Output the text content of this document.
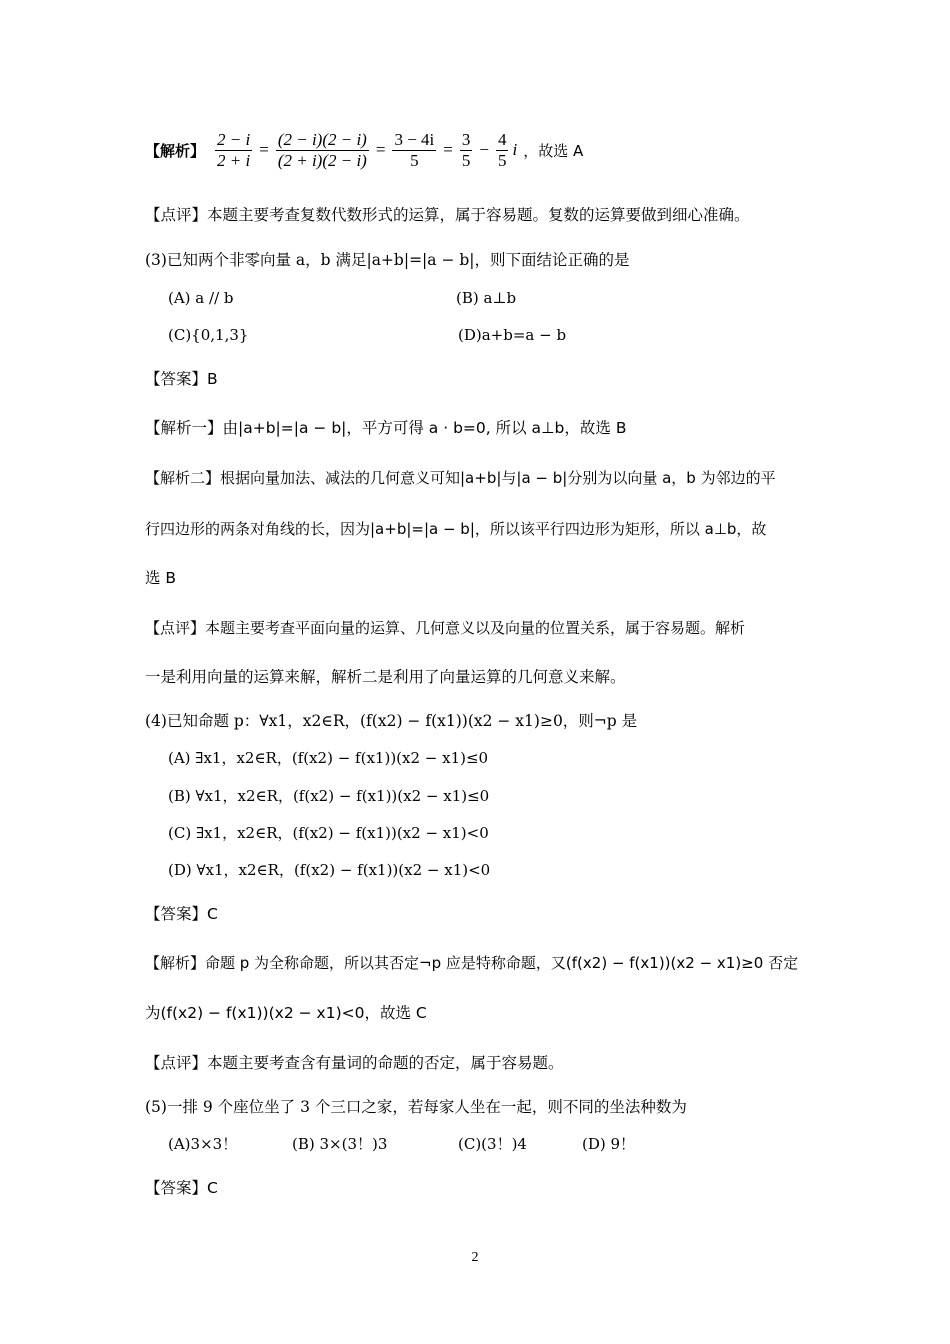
【解析】 $\frac{2 - i}{2 + i} = \frac{(2 - i)(2 - i)}{(2 + i)(2 - i)} = \frac{3 - 4i}{5} = \frac{3}{5} - \frac{4}{5}$ i ，故选 A
【点评】本题主要考查复数代数形式的运算，属于容易题。复数的运算要做到细心准确。
(3)已知两个非零向量 a，b 满足|a+b|=|a − b|，则下面结论正确的是
(A) a // b	(B) a⊥b
(C){0,1,3}	(D)a+b=a − b
【答案】B
【解析一】由|a+b|=|a − b|，平方可得 a · b=0, 所以 a⊥b，故选 B
【解析二】根据向量加法、减法的几何意义可知|a+b|与|a − b|分别为以向量 a，b 为邻边的平
行四边形的两条对角线的长，因为|a+b|=|a − b|，所以该平行四边形为矩形，所以 a⊥b，故
选 B
【点评】本题主要考查平面向量的运算、几何意义以及向量的位置关系，属于容易题。解析
一是利用向量的运算来解，解析二是利用了向量运算的几何意义来解。
(4)已知命题 p：∀x1，x2∈R，(f(x2) − f(x1))(x2 − x1)≥0，则¬p 是
(A) ∃x1，x2∈R，(f(x2) − f(x1))(x2 − x1)≤0
(B) ∀x1，x2∈R，(f(x2) − f(x1))(x2 − x1)≤0
(C) ∃x1，x2∈R，(f(x2) − f(x1))(x2 − x1)<0
(D) ∀x1，x2∈R，(f(x2) − f(x1))(x2 − x1)<0
【答案】C
【解析】命题 p 为全称命题，所以其否定¬p 应是特称命题，又(f(x2) − f(x1))(x2 − x1)≥0 否定
为(f(x2) − f(x1))(x2 − x1)<0，故选 C
【点评】本题主要考查含有量词的命题的否定，属于容易题。
(5)一排 9 个座位坐了 3 个三口之家，若每家人坐在一起，则不同的坐法种数为
(A)3×3！	(B) 3×(3！)3	(C)(3！)4	(D) 9！
【答案】C
2
